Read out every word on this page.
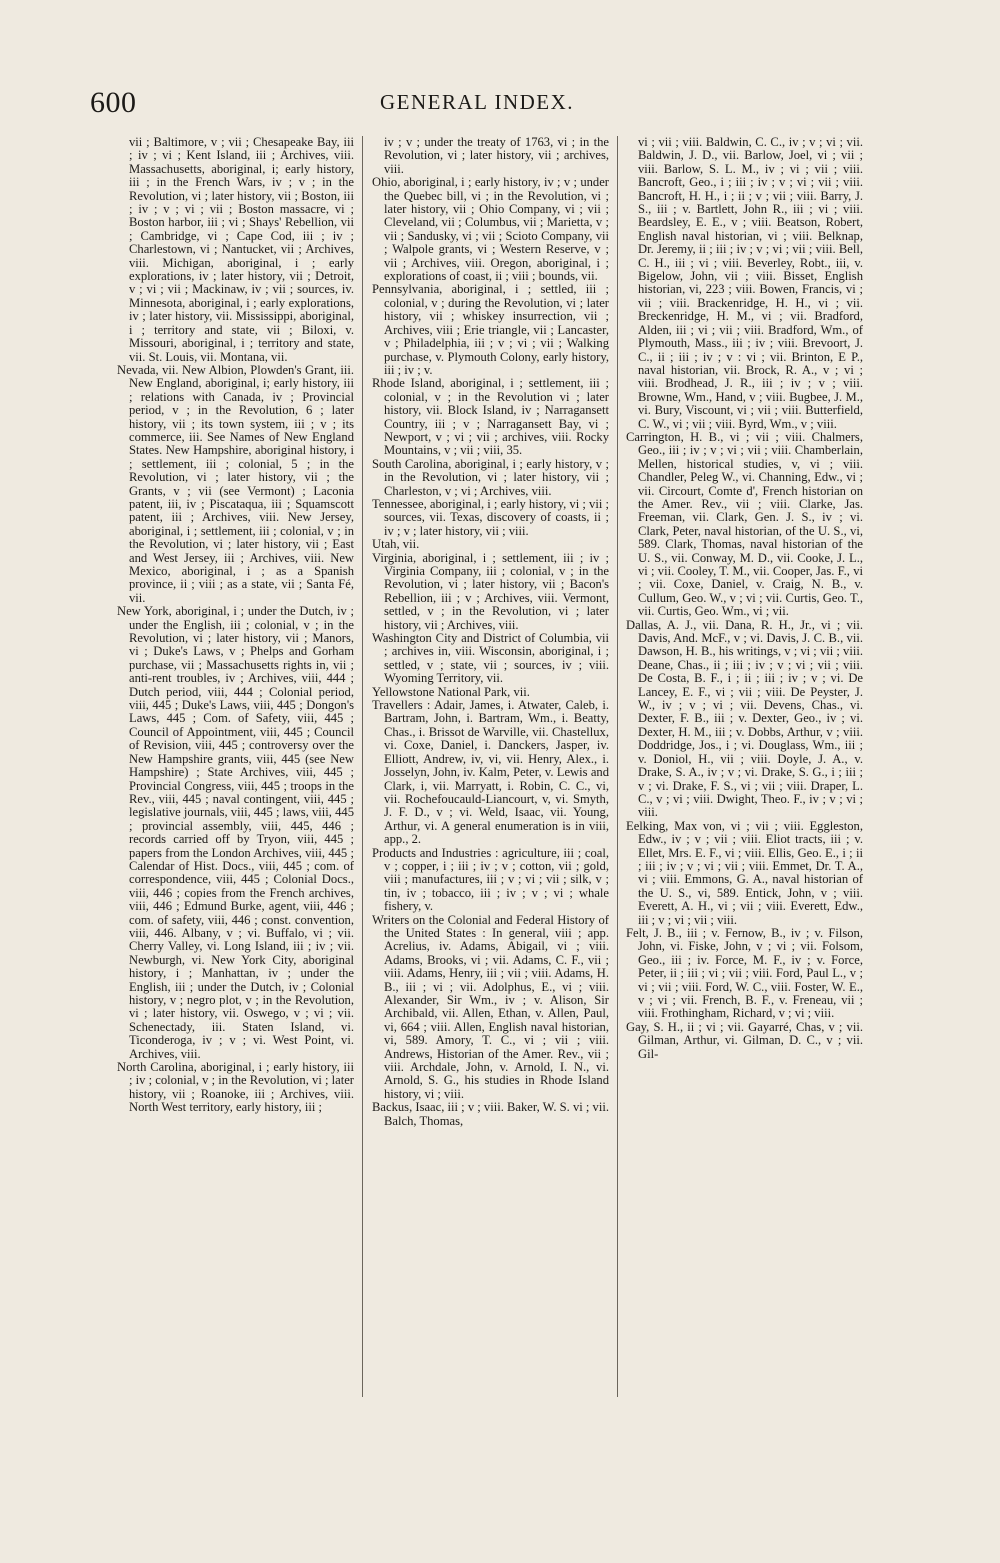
600	GENERAL INDEX.

vii ; Baltimore, v ; vii ; Chesapeake Bay, iii ; iv ; vi ; Kent Island, iii ; Archives, viii. Massachusetts, aboriginal, i; early history, iii ; in the French Wars, iv ; v ; in the Revolution, vi ; later history, vii ; Boston, iii ; iv ; v ; vi ; vii ; Boston massacre, vi ; Boston harbor, iii ; vi ; Shays' Rebellion, vii ; Cambridge, vi ; Cape Cod, iii ; iv ; Charlestown, vi ; Nantucket, vii ; Archives, viii. Michigan, aboriginal, i ; early explorations, iv ; later history, vii ; Detroit, v ; vi ; vii ; Mackinaw, iv ; vii ; sources, iv. Minnesota, aboriginal, i ; early explorations, iv ; later history, vii. Mississippi, aboriginal, i ; territory and state, vii ; Biloxi, v. Missouri, aboriginal, i ; territory and state, vii. St. Louis, vii. Montana, vii.

Nevada, vii. New Albion, Plowden's Grant, iii. New England, aboriginal, i; early history, iii ; relations with Canada, iv ; Provincial period, v ; in the Revolution, 6 ; later history, vii ; its town system, iii ; v ; its commerce, iii. See Names of New England States. New Hampshire, aboriginal history, i ; settlement, iii ; colonial, 5 ; in the Revolution, vi ; later history, vii ; the Grants, v ; vii (see Vermont) ; Laconia patent, iii, iv ; Piscataqua, iii ; Squamscott patent, iii ; Archives, viii. New Jersey, aboriginal, i ; settlement, iii ; colonial, v ; in the Revolution, vi ; later history, vii ; East and West Jersey, iii ; Archives, viii. New Mexico, aboriginal, i ; as a Spanish province, ii ; viii ; as a state, vii ; Santa Fé, vii.

New York, aboriginal, i ; under the Dutch, iv ; under the English, iii ; colonial, v ; in the Revolution, vi ; later history, vii ; Manors, vi ; Duke's Laws, v ; Phelps and Gorham purchase, vii ; Massachusetts rights in, vii ; anti-rent troubles, iv ; Archives, viii, 444 ; Dutch period, viii, 444 ; Colonial period, viii, 445 ; Duke's Laws, viii, 445 ; Dongon's Laws, 445 ; Com. of Safety, viii, 445 ; Council of Appointment, viii, 445 ; Council of Revision, viii, 445 ; controversy over the New Hampshire grants, viii, 445 (see New Hampshire) ; State Archives, viii, 445 ; Provincial Congress, viii, 445 ; troops in the Rev., viii, 445 ; naval contingent, viii, 445 ; legislative journals, viii, 445 ; laws, viii, 445 ; provincial assembly, viii, 445, 446 ; records carried off by Tryon, viii, 445 ; papers from the London Archives, viii, 445 ; Calendar of Hist. Docs., viii, 445 ; com. of correspondence, viii, 445 ; Colonial Docs., viii, 446 ; copies from the French archives, viii, 446 ; Edmund Burke, agent, viii, 446 ; com. of safety, viii, 446 ; const. convention, viii, 446. Albany, v ; vi. Buffalo, vi ; vii. Cherry Valley, vi. Long Island, iii ; iv ; vii. Newburgh, vi. New York City, aboriginal history, i ; Manhattan, iv ; under the English, iii ; under the Dutch, iv ; Colonial history, v ; negro plot, v ; in the Revolution, vi ; later history, vii. Oswego, v ; vi ; vii. Schenectady, iii. Staten Island, vi. Ticonderoga, iv ; v ; vi. West Point, vi. Archives, viii.

North Carolina, aboriginal, i ; early history, iii ; iv ; colonial, v ; in the Revolution, vi ; later history, vii ; Roanoke, iii ; Archives, viii. North West territory, early history, iii ;

iv ; v ; under the treaty of 1763, vi ; in the Revolution, vi ; later history, vii ; archives, viii.

Ohio, aboriginal, i ; early history, iv ; v ; under the Quebec bill, vi ; in the Revolution, vi ; later history, vii ; Ohio Company, vi ; vii ; Cleveland, vii ; Columbus, vii ; Marietta, v ; vii ; Sandusky, vi ; vii ; Scioto Company, vii ; Walpole grants, vi ; Western Reserve, v ; vii ; Archives, viii. Oregon, aboriginal, i ; explorations of coast, ii ; viii ; bounds, vii.

Pennsylvania, aboriginal, i ; settled, iii ; colonial, v ; during the Revolution, vi ; later history, vii ; whiskey insurrection, vii ; Archives, viii ; Erie triangle, vii ; Lancaster, v ; Philadelphia, iii ; v ; vi ; vii ; Walking purchase, v. Plymouth Colony, early history, iii ; iv ; v.

Rhode Island, aboriginal, i ; settlement, iii ; colonial, v ; in the Revolution vi ; later history, vii. Block Island, iv ; Narragansett Country, iii ; v ; Narragansett Bay, vi ; Newport, v ; vi ; vii ; archives, viii. Rocky Mountains, v ; vii ; viii, 35.

South Carolina, aboriginal, i ; early history, v ; in the Revolution, vi ; later history, vii ; Charleston, v ; vi ; Archives, viii.

Tennessee, aboriginal, i ; early history, vi ; vii ; sources, vii. Texas, discovery of coasts, ii ; iv ; v ; later history, vii ; viii.

Utah, vii.

Virginia, aboriginal, i ; settlement, iii ; iv ; Virginia Company, iii ; colonial, v ; in the Revolution, vi ; later history, vii ; Bacon's Rebellion, iii ; v ; Archives, viii. Vermont, settled, v ; in the Revolution, vi ; later history, vii ; Archives, viii.

Washington City and District of Columbia, vii ; archives in, viii. Wisconsin, aboriginal, i ; settled, v ; state, vii ; sources, iv ; viii. Wyoming Territory, vii.

Yellowstone National Park, vii.

Travellers : Adair, James, i. Atwater, Caleb, i. Bartram, John, i. Bartram, Wm., i. Beatty, Chas., i. Brissot de Warville, vii. Chastellux, vi. Coxe, Daniel, i. Danckers, Jasper, iv. Elliott, Andrew, iv, vi, vii. Henry, Alex., i. Josselyn, John, iv. Kalm, Peter, v. Lewis and Clark, i, vii. Marryatt, i. Robin, C. C., vi, vii. Rochefoucauld-Liancourt, v, vi. Smyth, J. F. D., v ; vi. Weld, Isaac, vii. Young, Arthur, vi. A general enumeration is in viii, app., 2.

Products and Industries : agriculture, iii ; coal, v ; copper, i ; iii ; iv ; v ; cotton, vii ; gold, viii ; manufactures, iii ; v ; vi ; vii ; silk, v ; tin, iv ; tobacco, iii ; iv ; v ; vi ; whale fishery, v.

Writers on the Colonial and Federal History of the United States : In general, viii ; app. Acrelius, iv. Adams, Abigail, vi ; viii. Adams, Brooks, vi ; vii. Adams, C. F., vii ; viii. Adams, Henry, iii ; vii ; viii. Adams, H. B., iii ; vi ; vii. Adolphus, E., vi ; viii. Alexander, Sir Wm., iv ; v. Alison, Sir Archibald, vii. Allen, Ethan, v. Allen, Paul, vi, 664 ; viii. Allen, English naval historian, vi, 589. Amory, T. C., vi ; vii ; viii. Andrews, Historian of the Amer. Rev., vii ; viii. Archdale, John, v. Arnold, I. N., vi. Arnold, S. G., his studies in Rhode Island history, vi ; viii.

Backus, Isaac, iii ; v ; viii. Baker, W. S. vi ; vii. Balch, Thomas,

vi ; vii ; viii. Baldwin, C. C., iv ; v ; vi ; vii. Baldwin, J. D., vii. Barlow, Joel, vi ; vii ; viii. Barlow, S. L. M., iv ; vi ; vii ; viii. Bancroft, Geo., i ; iii ; iv ; v ; vi ; vii ; viii. Bancroft, H. H., i ; ii ; v ; vii ; viii. Barry, J. S., iii ; v. Bartlett, John R., iii ; vi ; viii. Beardsley, E. E., v ; viii. Beatson, Robert, English naval historian, vi ; viii. Belknap, Dr. Jeremy, ii ; iii ; iv ; v ; vi ; vii ; viii. Bell, C. H., iii ; vi ; viii. Beverley, Robt., iii, v. Bigelow, John, vii ; viii. Bisset, English historian, vi, 223 ; viii. Bowen, Francis, vi ; vii ; viii. Brackenridge, H. H., vi ; vii. Breckenridge, H. M., vi ; vii. Bradford, Alden, iii ; vi ; vii ; viii. Bradford, Wm., of Plymouth, Mass., iii ; iv ; viii. Brevoort, J. C., ii ; iii ; iv ; v : vi ; vii. Brinton, E P., naval historian, vii. Brock, R. A., v ; vi ; viii. Brodhead, J. R., iii ; iv ; v ; viii. Browne, Wm., Hand, v ; viii. Bugbee, J. M., vi. Bury, Viscount, vi ; vii ; viii. Butterfield, C. W., vi ; vii ; viii. Byrd, Wm., v ; viii.

Carrington, H. B., vi ; vii ; viii. Chalmers, Geo., iii ; iv ; v ; vi ; vii ; viii. Chamberlain, Mellen, historical studies, v, vi ; viii. Chandler, Peleg W., vi. Channing, Edw., vi ; vii. Circourt, Comte d', French historian on the Amer. Rev., vii ; viii. Clarke, Jas. Freeman, vii. Clark, Gen. J. S., iv ; vi. Clark, Peter, naval historian, of the U. S., vi, 589. Clark, Thomas, naval historian of the U. S., vii. Conway, M. D., vii. Cooke, J. L., vi ; vii. Cooley, T. M., vii. Cooper, Jas. F., vi ; vii. Coxe, Daniel, v. Craig, N. B., v. Cullum, Geo. W., v ; vi ; vii. Curtis, Geo. T., vii. Curtis, Geo. Wm., vi ; vii.

Dallas, A. J., vii. Dana, R. H., Jr., vi ; vii. Davis, And. McF., v ; vi. Davis, J. C. B., vii. Dawson, H. B., his writings, v ; vi ; vii ; viii. Deane, Chas., ii ; iii ; iv ; v ; vi ; vii ; viii. De Costa, B. F., i ; ii ; iii ; iv ; v ; vi. De Lancey, E. F., vi ; vii ; viii. De Peyster, J. W., iv ; v ; vi ; vii. Devens, Chas., vi. Dexter, F. B., iii ; v. Dexter, Geo., iv ; vi. Dexter, H. M., iii ; v. Dobbs, Arthur, v ; viii. Doddridge, Jos., i ; vi. Douglass, Wm., iii ; v. Doniol, H., vii ; viii. Doyle, J. A., v. Drake, S. A., iv ; v ; vi. Drake, S. G., i ; iii ; v ; vi. Drake, F. S., vi ; vii ; viii. Draper, L. C., v ; vi ; viii. Dwight, Theo. F., iv ; v ; vi ; viii.

Eelking, Max von, vi ; vii ; viii. Eggleston, Edw., iv ; v ; vii ; viii. Eliot tracts, iii ; v. Ellet, Mrs. E. F., vi ; viii. Ellis, Geo. E., i ; ii ; iii ; iv ; v ; vi ; vii ; viii. Emmet, Dr. T. A., vi ; viii. Emmons, G. A., naval historian of the U. S., vi, 589. Entick, John, v ; viii. Everett, A. H., vi ; vii ; viii. Everett, Edw., iii ; v ; vi ; vii ; viii.

Felt, J. B., iii ; v. Fernow, B., iv ; v. Filson, John, vi. Fiske, John, v ; vi ; vii. Folsom, Geo., iii ; iv. Force, M. F., iv ; v. Force, Peter, ii ; iii ; vi ; vii ; viii. Ford, Paul L., v ; vi ; vii ; viii. Ford, W. C., viii. Foster, W. E., v ; vi ; vii. French, B. F., v. Freneau, vii ; viii. Frothingham, Richard, v ; vi ; viii.

Gay, S. H., ii ; vi ; vii. Gayarré, Chas, v ; vii. Gilman, Arthur, vi. Gilman, D. C., v ; vii. Gil-
